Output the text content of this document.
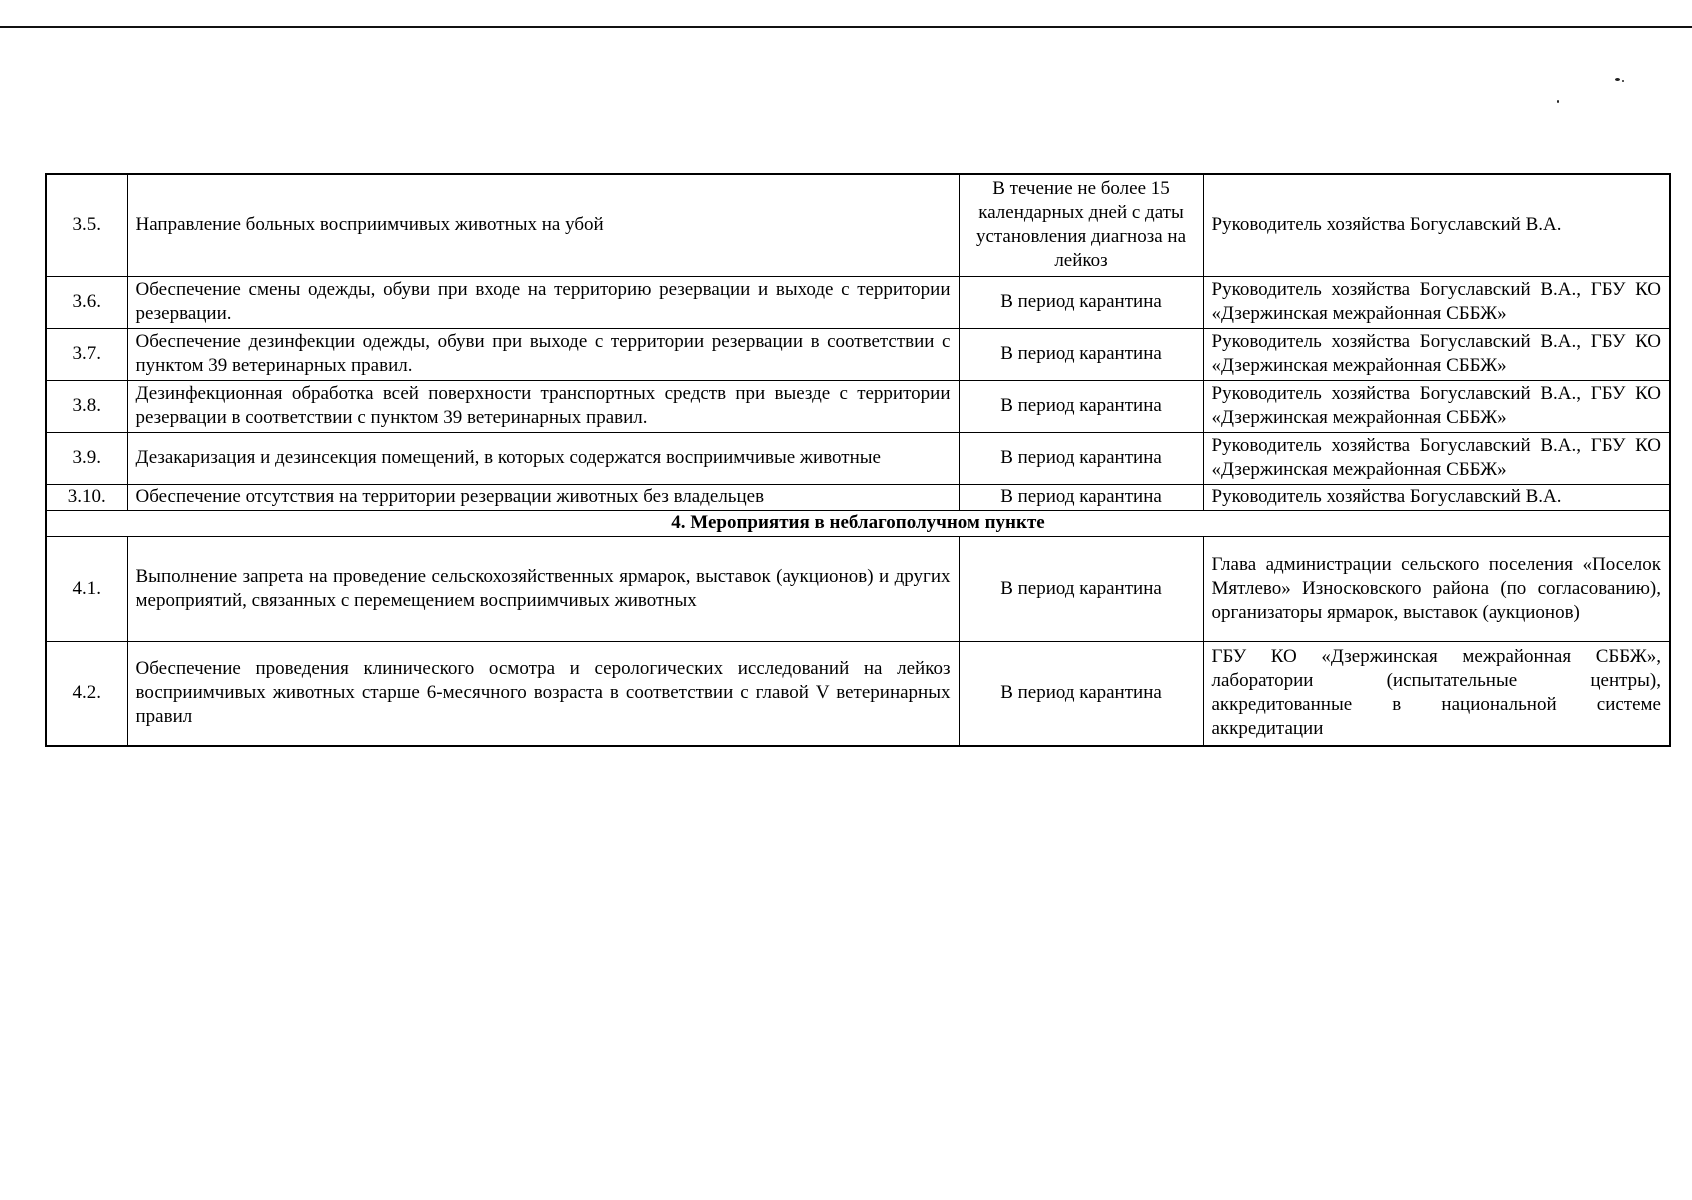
3.5.	Направление больных восприимчивых животных на убой	В течение не более 15 календарных дней с даты установления диагноза на лейкоз	Руководитель хозяйства Богуславский В.А.
3.6.	Обеспечение смены одежды, обуви при входе на территорию резервации и выходе с территории резервации.	В период карантина	Руководитель хозяйства Богуславский В.А., ГБУ КО «Дзержинская межрайонная СББЖ»
3.7.	Обеспечение дезинфекции одежды, обуви при выходе с территории резервации в соответствии с пунктом 39 ветеринарных правил.	В период карантина	Руководитель хозяйства Богуславский В.А., ГБУ КО «Дзержинская межрайонная СББЖ»
3.8.	Дезинфекционная обработка всей поверхности транспортных средств при выезде с территории резервации в соответствии с пунктом 39 ветеринарных правил.	В период карантина	Руководитель хозяйства Богуславский В.А., ГБУ КО «Дзержинская межрайонная СББЖ»
3.9.	Дезакаризация и дезинсекция помещений, в которых содержатся восприимчивые животные	В период карантина	Руководитель хозяйства Богуславский В.А., ГБУ КО «Дзержинская межрайонная СББЖ»
3.10.	Обеспечение отсутствия на территории резервации животных без владельцев	В период карантина	Руководитель хозяйства Богуславский В.А.
4. Мероприятия в неблагополучном пункте			
4.1.	Выполнение запрета на проведение сельскохозяйственных ярмарок, выставок (аукционов) и других мероприятий, связанных с перемещением восприимчивых животных	В период карантина	Глава администрации сельского поселения «Поселок Мятлево» Износковского района (по согласованию), организаторы ярмарок, выставок (аукционов)
4.2.	Обеспечение проведения клинического осмотра и серологических исследований на лейкоз восприимчивых животных старше 6-месячного возраста в соответствии с главой V ветеринарных правил	В период карантина	ГБУ КО «Дзержинская межрайонная СББЖ», лаборатории (испытательные центры), аккредитованные в национальной системе аккредитации
